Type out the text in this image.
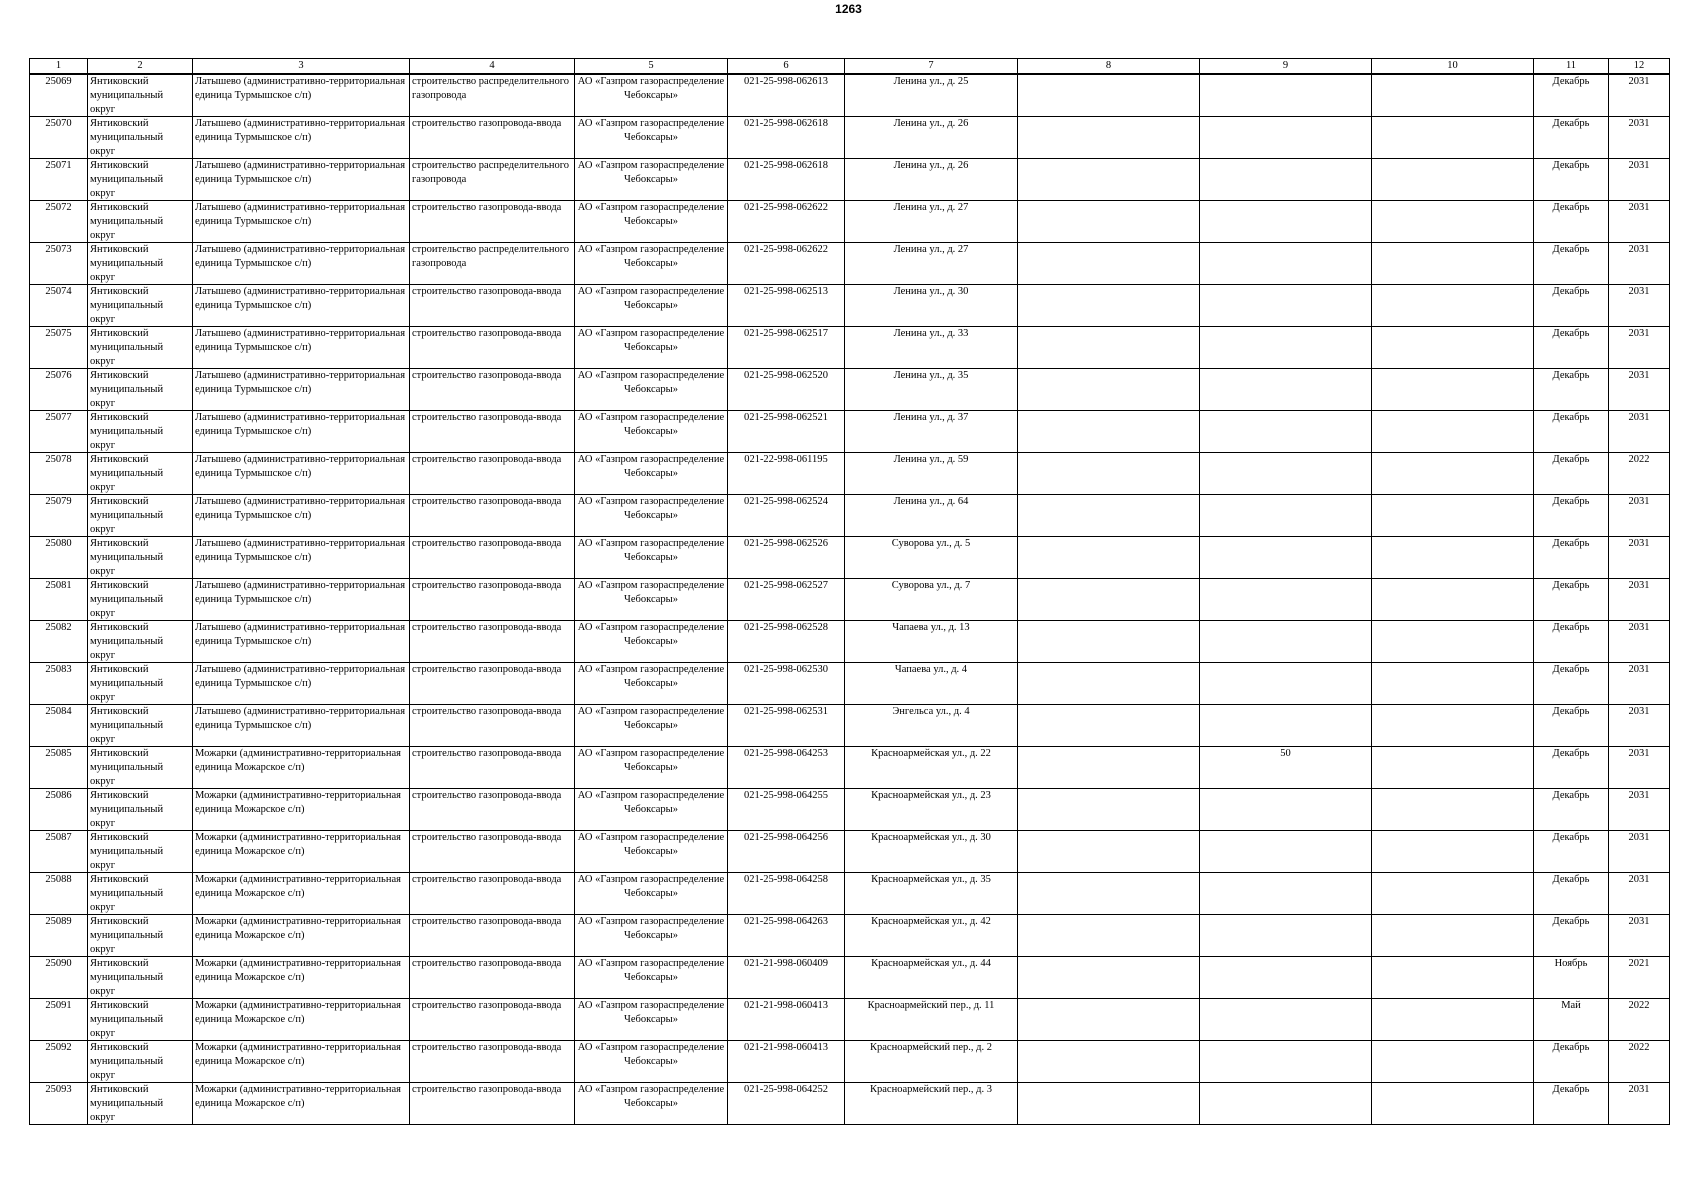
1263
1	2	3	4	5	6	7	8	9	10	11	12

25069	Янтиковский муниципальный округ	Латышево (административно-территориальная единица Турмышское с/п)	строительство распределительного газопровода	АО «Газпром газораспределение Чебоксары»	021-25-998-062613	Ленина ул., д. 25				Декабрь	2031

25070	Янтиковский муниципальный округ	Латышево (административно-территориальная единица Турмышское с/п)	строительство газопровода-ввода	АО «Газпром газораспределение Чебоксары»	021-25-998-062618	Ленина ул., д. 26				Декабрь	2031

25071	Янтиковский муниципальный округ	Латышево (административно-территориальная единица Турмышское с/п)	строительство распределительного газопровода	АО «Газпром газораспределение Чебоксары»	021-25-998-062618	Ленина ул., д. 26				Декабрь	2031

25072	Янтиковский муниципальный округ	Латышево (административно-территориальная единица Турмышское с/п)	строительство газопровода-ввода	АО «Газпром газораспределение Чебоксары»	021-25-998-062622	Ленина ул., д. 27				Декабрь	2031

25073	Янтиковский муниципальный округ	Латышево (административно-территориальная единица Турмышское с/п)	строительство распределительного газопровода	АО «Газпром газораспределение Чебоксары»	021-25-998-062622	Ленина ул., д. 27				Декабрь	2031

25074	Янтиковский муниципальный округ	Латышево (административно-территориальная единица Турмышское с/п)	строительство газопровода-ввода	АО «Газпром газораспределение Чебоксары»	021-25-998-062513	Ленина ул., д. 30				Декабрь	2031

25075	Янтиковский муниципальный округ	Латышево (административно-территориальная единица Турмышское с/п)	строительство газопровода-ввода	АО «Газпром газораспределение Чебоксары»	021-25-998-062517	Ленина ул., д. 33				Декабрь	2031

25076	Янтиковский муниципальный округ	Латышево (административно-территориальная единица Турмышское с/п)	строительство газопровода-ввода	АО «Газпром газораспределение Чебоксары»	021-25-998-062520	Ленина ул., д. 35				Декабрь	2031

25077	Янтиковский муниципальный округ	Латышево (административно-территориальная единица Турмышское с/п)	строительство газопровода-ввода	АО «Газпром газораспределение Чебоксары»	021-25-998-062521	Ленина ул., д. 37				Декабрь	2031

25078	Янтиковский муниципальный округ	Латышево (административно-территориальная единица Турмышское с/п)	строительство газопровода-ввода	АО «Газпром газораспределение Чебоксары»	021-22-998-061195	Ленина ул., д. 59				Декабрь	2022

25079	Янтиковский муниципальный округ	Латышево (административно-территориальная единица Турмышское с/п)	строительство газопровода-ввода	АО «Газпром газораспределение Чебоксары»	021-25-998-062524	Ленина ул., д. 64				Декабрь	2031

25080	Янтиковский муниципальный округ	Латышево (административно-территориальная единица Турмышское с/п)	строительство газопровода-ввода	АО «Газпром газораспределение Чебоксары»	021-25-998-062526	Суворова ул., д. 5				Декабрь	2031

25081	Янтиковский муниципальный округ	Латышево (административно-территориальная единица Турмышское с/п)	строительство газопровода-ввода	АО «Газпром газораспределение Чебоксары»	021-25-998-062527	Суворова ул., д. 7				Декабрь	2031

25082	Янтиковский муниципальный округ	Латышево (административно-территориальная единица Турмышское с/п)	строительство газопровода-ввода	АО «Газпром газораспределение Чебоксары»	021-25-998-062528	Чапаева ул., д. 13				Декабрь	2031

25083	Янтиковский муниципальный округ	Латышево (административно-территориальная единица Турмышское с/п)	строительство газопровода-ввода	АО «Газпром газораспределение Чебоксары»	021-25-998-062530	Чапаева ул., д. 4				Декабрь	2031

25084	Янтиковский муниципальный округ	Латышево (административно-территориальная единица Турмышское с/п)	строительство газопровода-ввода	АО «Газпром газораспределение Чебоксары»	021-25-998-062531	Энгельса ул., д. 4				Декабрь	2031

25085	Янтиковский муниципальный округ	Можарки (административно-территориальная единица Можарское с/п)	строительство газопровода-ввода	АО «Газпром газораспределение Чебоксары»	021-25-998-064253	Красноармейская ул., д. 22		50		Декабрь	2031

25086	Янтиковский муниципальный округ	Можарки (административно-территориальная единица Можарское с/п)	строительство газопровода-ввода	АО «Газпром газораспределение Чебоксары»	021-25-998-064255	Красноармейская ул., д. 23				Декабрь	2031

25087	Янтиковский муниципальный округ	Можарки (административно-территориальная единица Можарское с/п)	строительство газопровода-ввода	АО «Газпром газораспределение Чебоксары»	021-25-998-064256	Красноармейская ул., д. 30				Декабрь	2031

25088	Янтиковский муниципальный округ	Можарки (административно-территориальная единица Можарское с/п)	строительство газопровода-ввода	АО «Газпром газораспределение Чебоксары»	021-25-998-064258	Красноармейская ул., д. 35				Декабрь	2031

25089	Янтиковский муниципальный округ	Можарки (административно-территориальная единица Можарское с/п)	строительство газопровода-ввода	АО «Газпром газораспределение Чебоксары»	021-25-998-064263	Красноармейская ул., д. 42				Декабрь	2031

25090	Янтиковский муниципальный округ	Можарки (административно-территориальная единица Можарское с/п)	строительство газопровода-ввода	АО «Газпром газораспределение Чебоксары»	021-21-998-060409	Красноармейская ул., д. 44				Ноябрь	2021

25091	Янтиковский муниципальный округ	Можарки (административно-территориальная единица Можарское с/п)	строительство газопровода-ввода	АО «Газпром газораспределение Чебоксары»	021-21-998-060413	Красноармейский пер., д. 11				Май	2022

25092	Янтиковский муниципальный округ	Можарки (административно-территориальная единица Можарское с/п)	строительство газопровода-ввода	АО «Газпром газораспределение Чебоксары»	021-21-998-060413	Красноармейский пер., д. 2				Декабрь	2022

25093	Янтиковский муниципальный округ	Можарки (административно-территориальная единица Можарское с/п)	строительство газопровода-ввода	АО «Газпром газораспределение Чебоксары»	021-25-998-064252	Красноармейский пер., д. 3				Декабрь	2031
